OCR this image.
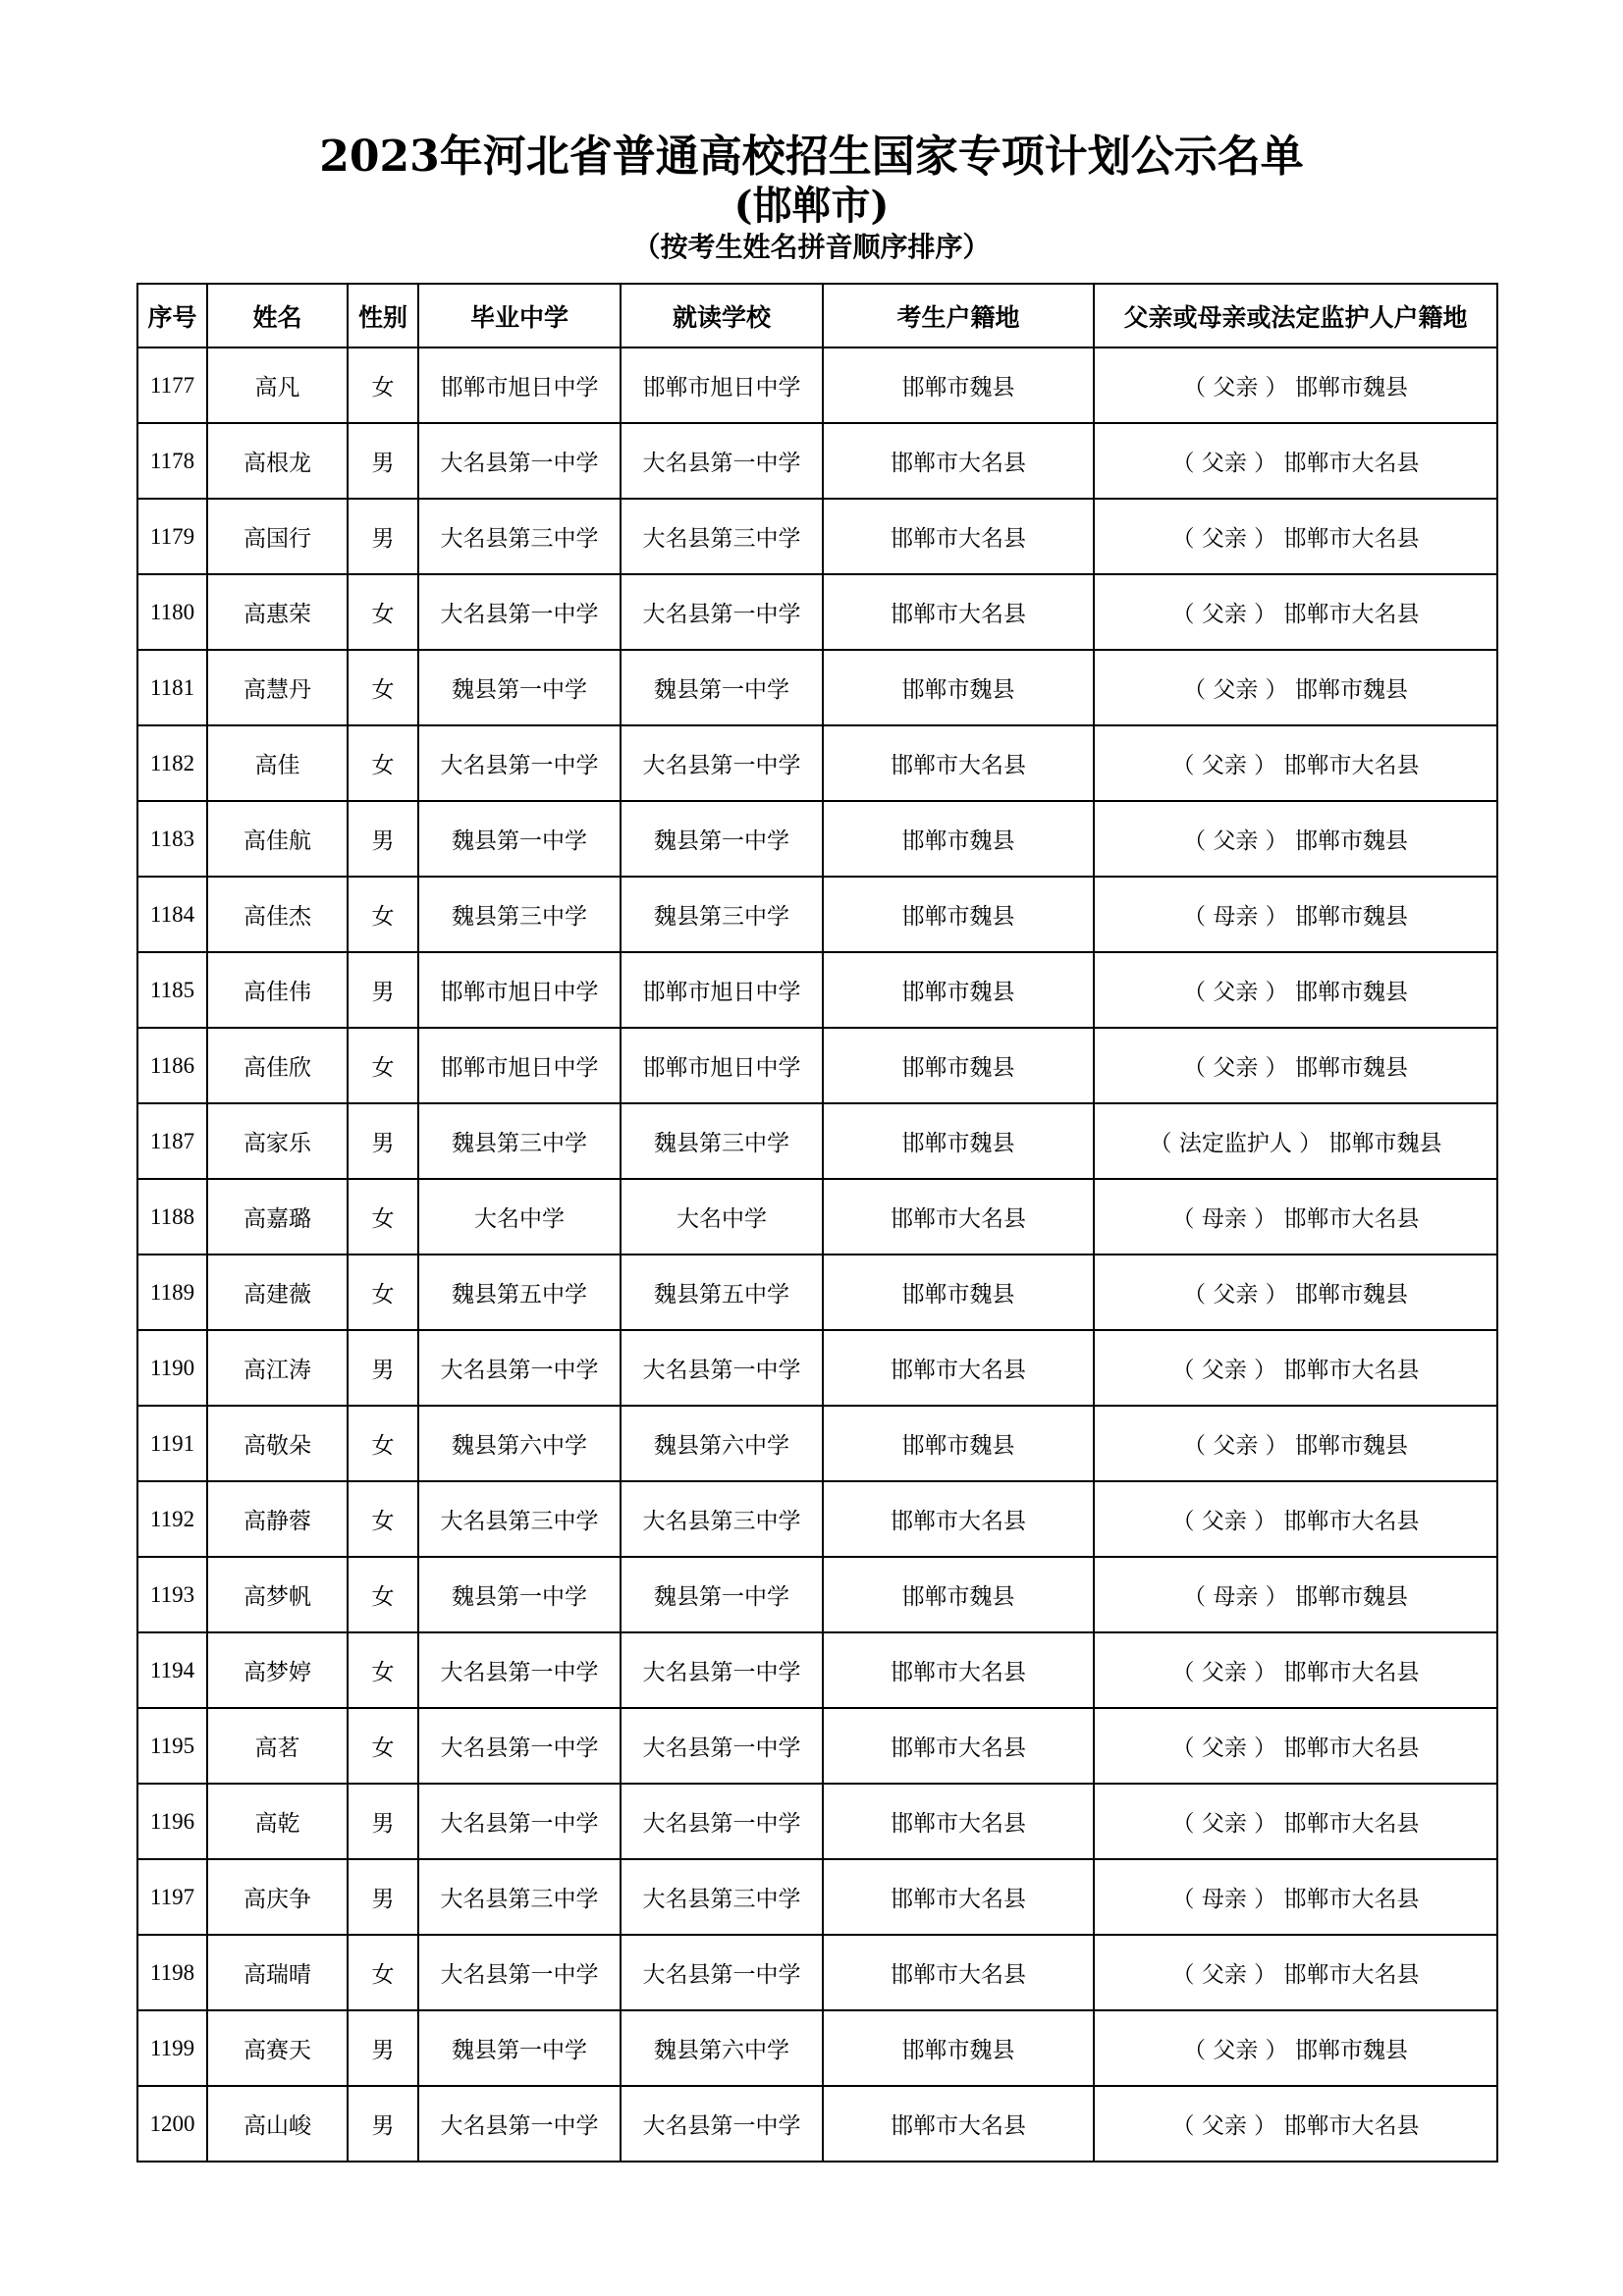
2023年河北省普通高校招生国家专项计划公示名单
(邯郸市)
（按考生姓名拼音顺序排序）
序号	姓名	性别	毕业中学	就读学校	考生户籍地	父亲或母亲或法定监护人户籍地
1177	高凡	女	邯郸市旭日中学	邯郸市旭日中学	邯郸市魏县	（ 父亲 ） 邯郸市魏县
1178	高根龙	男	大名县第一中学	大名县第一中学	邯郸市大名县	（ 父亲 ） 邯郸市大名县
1179	高国行	男	大名县第三中学	大名县第三中学	邯郸市大名县	（ 父亲 ） 邯郸市大名县
1180	高惠荣	女	大名县第一中学	大名县第一中学	邯郸市大名县	（ 父亲 ） 邯郸市大名县
1181	高慧丹	女	魏县第一中学	魏县第一中学	邯郸市魏县	（ 父亲 ） 邯郸市魏县
1182	高佳	女	大名县第一中学	大名县第一中学	邯郸市大名县	（ 父亲 ） 邯郸市大名县
1183	高佳航	男	魏县第一中学	魏县第一中学	邯郸市魏县	（ 父亲 ） 邯郸市魏县
1184	高佳杰	女	魏县第三中学	魏县第三中学	邯郸市魏县	（ 母亲 ） 邯郸市魏县
1185	高佳伟	男	邯郸市旭日中学	邯郸市旭日中学	邯郸市魏县	（ 父亲 ） 邯郸市魏县
1186	高佳欣	女	邯郸市旭日中学	邯郸市旭日中学	邯郸市魏县	（ 父亲 ） 邯郸市魏县
1187	高家乐	男	魏县第三中学	魏县第三中学	邯郸市魏县	（ 法定监护人 ） 邯郸市魏县
1188	高嘉璐	女	大名中学	大名中学	邯郸市大名县	（ 母亲 ） 邯郸市大名县
1189	高建薇	女	魏县第五中学	魏县第五中学	邯郸市魏县	（ 父亲 ） 邯郸市魏县
1190	高江涛	男	大名县第一中学	大名县第一中学	邯郸市大名县	（ 父亲 ） 邯郸市大名县
1191	高敬朵	女	魏县第六中学	魏县第六中学	邯郸市魏县	（ 父亲 ） 邯郸市魏县
1192	高静蓉	女	大名县第三中学	大名县第三中学	邯郸市大名县	（ 父亲 ） 邯郸市大名县
1193	高梦帆	女	魏县第一中学	魏县第一中学	邯郸市魏县	（ 母亲 ） 邯郸市魏县
1194	高梦婷	女	大名县第一中学	大名县第一中学	邯郸市大名县	（ 父亲 ） 邯郸市大名县
1195	高茗	女	大名县第一中学	大名县第一中学	邯郸市大名县	（ 父亲 ） 邯郸市大名县
1196	高乾	男	大名县第一中学	大名县第一中学	邯郸市大名县	（ 父亲 ） 邯郸市大名县
1197	高庆争	男	大名县第三中学	大名县第三中学	邯郸市大名县	（ 母亲 ） 邯郸市大名县
1198	高瑞晴	女	大名县第一中学	大名县第一中学	邯郸市大名县	（ 父亲 ） 邯郸市大名县
1199	高赛天	男	魏县第一中学	魏县第六中学	邯郸市魏县	（ 父亲 ） 邯郸市魏县
1200	高山峻	男	大名县第一中学	大名县第一中学	邯郸市大名县	（ 父亲 ） 邯郸市大名县
